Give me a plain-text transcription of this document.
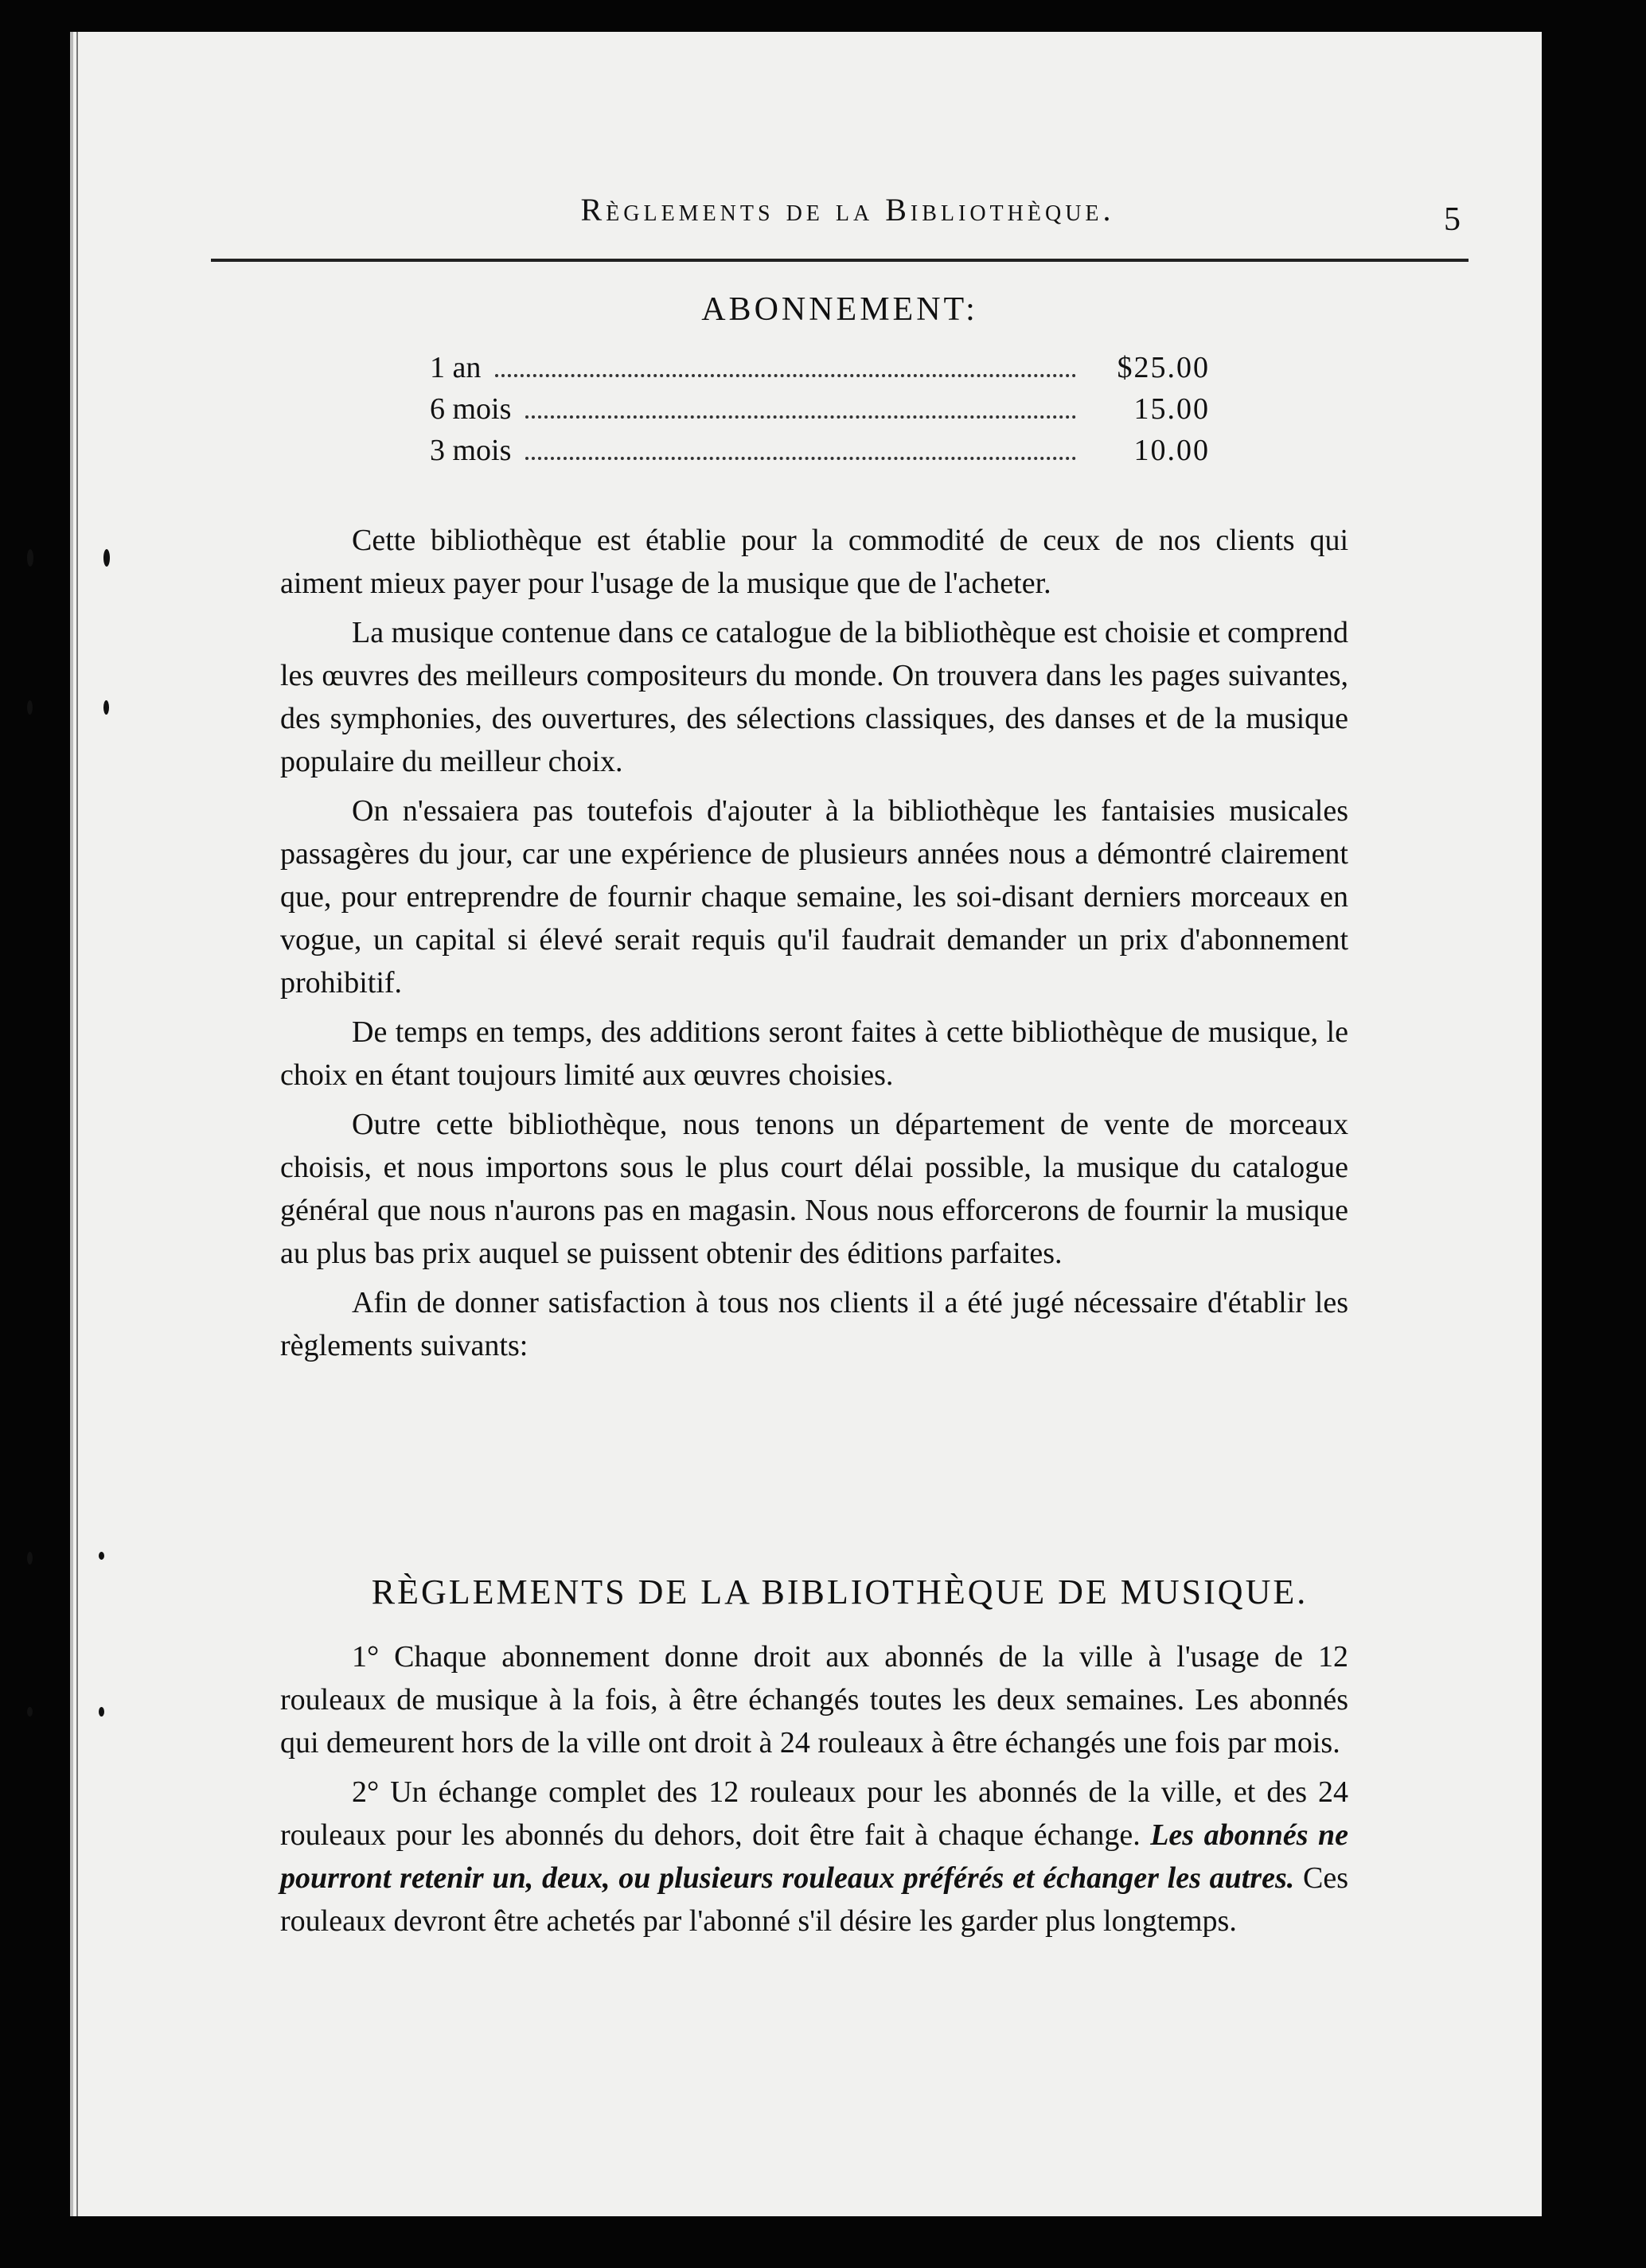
Règlements de la Bibliothèque.	5
ABONNEMENT:
1 an	$25.00
6 mois	15.00
3 mois	10.00

Cette bibliothèque est établie pour la commodité de ceux de nos clients qui aiment mieux payer pour l'usage de la musique que de l'acheter.

La musique contenue dans ce catalogue de la bibliothèque est choisie et comprend les œuvres des meilleurs compositeurs du monde. On trouvera dans les pages suivantes, des symphonies, des ouvertures, des sélections classiques, des danses et de la musique populaire du meilleur choix.

On n'essaiera pas toutefois d'ajouter à la bibliothèque les fantaisies musicales passagères du jour, car une expérience de plusieurs années nous a démontré clairement que, pour entreprendre de fournir chaque semaine, les soi-disant derniers morceaux en vogue, un capital si élevé serait requis qu'il faudrait demander un prix d'abonnement prohibitif.

De temps en temps, des additions seront faites à cette bibliothèque de musique, le choix en étant toujours limité aux œuvres choisies.

Outre cette bibliothèque, nous tenons un département de vente de morceaux choisis, et nous importons sous le plus court délai possible, la musique du catalogue général que nous n'aurons pas en magasin. Nous nous efforcerons de fournir la musique au plus bas prix auquel se puissent obtenir des éditions parfaites.

Afin de donner satisfaction à tous nos clients il a été jugé nécessaire d'établir les règlements suivants:

RÈGLEMENTS DE LA BIBLIOTHÈQUE DE MUSIQUE.

1° Chaque abonnement donne droit aux abonnés de la ville à l'usage de 12 rouleaux de musique à la fois, à être échangés toutes les deux semaines. Les abonnés qui demeurent hors de la ville ont droit à 24 rouleaux à être échangés une fois par mois.

2° Un échange complet des 12 rouleaux pour les abonnés de la ville, et des 24 rouleaux pour les abonnés du dehors, doit être fait à chaque échange. Les abonnés ne pourront retenir un, deux, ou plusieurs rouleaux préférés et échanger les autres. Ces rouleaux devront être achetés par l'abonné s'il désire les garder plus longtemps.
